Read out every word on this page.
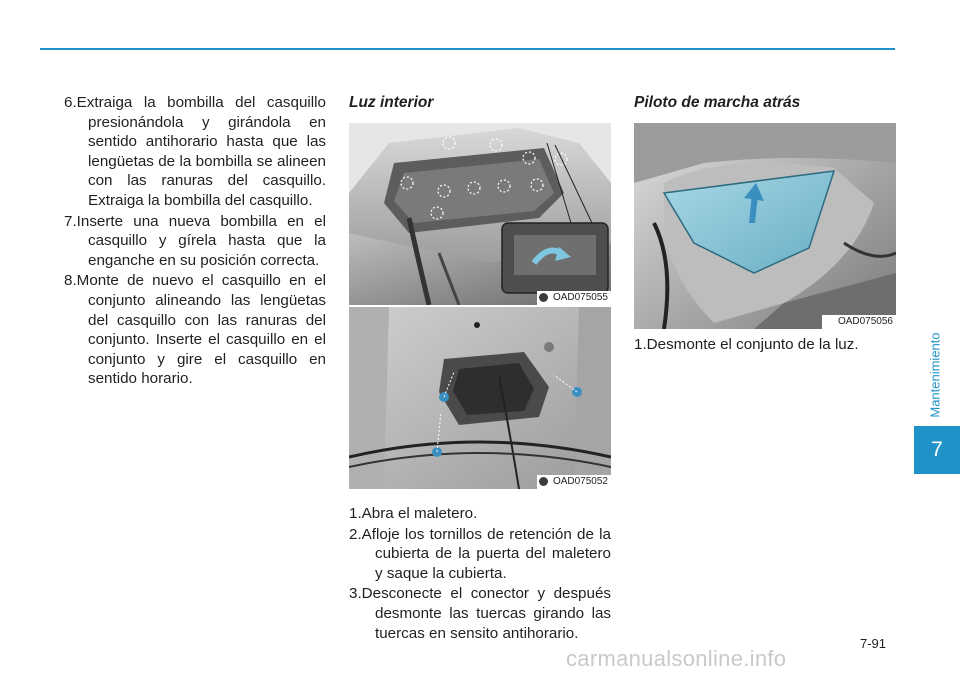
6.Extraiga la bombilla del casquillo presionándola y girándola en sentido antihorario hasta que las lengüetas de la bombilla se alineen con las ranuras del casquillo. Extraiga la bombilla del casquillo.

7.Inserte una nueva bombilla en el casquillo y gírela hasta que la enganche en su posición correcta.

8.Monte de nuevo el casquillo en el conjunto alineando las lengüetas del casquillo con las ranuras del conjunto. Inserte el casquillo en el conjunto y gire el casquillo en sentido horario.

Luz interior
OAD075055
OAD075052

1.Abra el maletero.

2.Afloje los tornillos de retención de la cubierta de la puerta del maletero y saque la cubierta.

3.Desconecte el conector y después desmonte las tuercas girando las tuercas en sensito antihorario.

Piloto de marcha atrás
OAD075056

1.Desmonte el conjunto de la luz.	Mantenimiento
7
7-91
carmanualsonline.info
